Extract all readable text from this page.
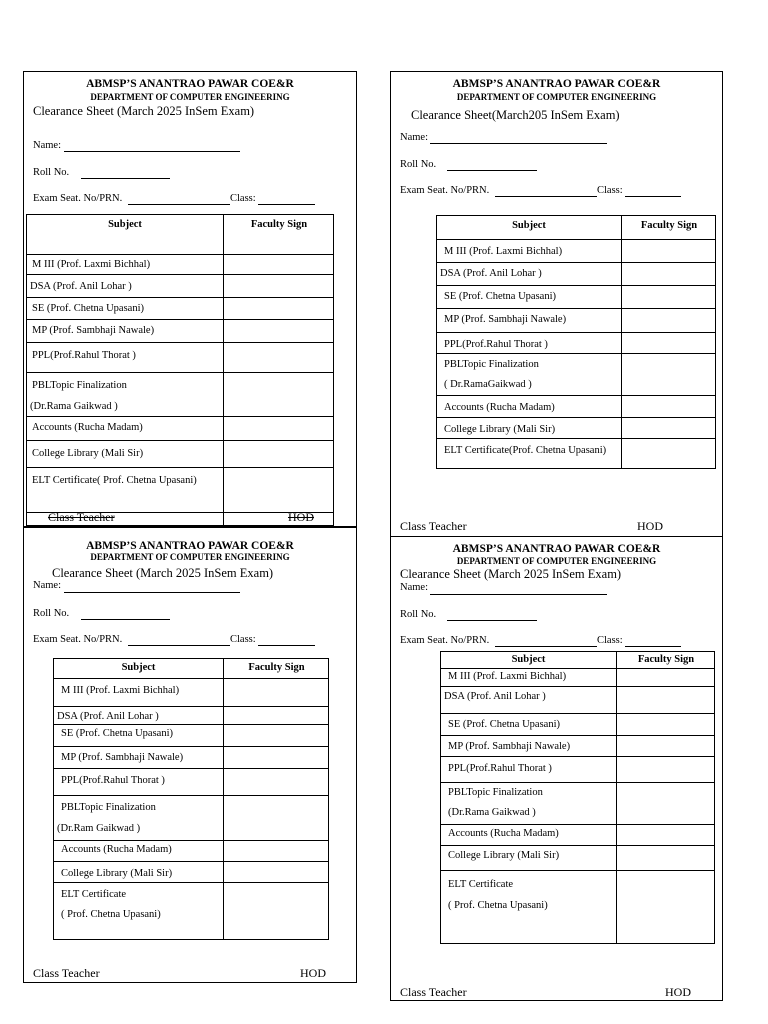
ABMSP’S ANANTRAO PAWAR COE&R
DEPARTMENT OF COMPUTER ENGINEERING
Clearance Sheet (March 2025 InSem Exam)
Name:
Roll No.
Exam Seat. No/PRN.	Class:
Subject	Faculty Sign
M III (Prof. Laxmi Bichhal)
DSA (Prof. Anil Lohar )
SE (Prof. Chetna Upasani)
MP (Prof. Sambhaji Nawale)
PPL(Prof.Rahul Thorat )
PBLTopic Finalization
(Dr.Rama Gaikwad )
Accounts (Rucha Madam)
College Library (Mali Sir)
ELT Certificate( Prof. Chetna Upasani)
Class Teacher	HOD
ABMSP’S ANANTRAO PAWAR COE&R
DEPARTMENT OF COMPUTER ENGINEERING
Clearance Sheet(March205 InSem Exam)
Name:
Roll No.
Exam Seat. No/PRN.	Class:
Subject	Faculty Sign
M III (Prof. Laxmi Bichhal)
DSA (Prof. Anil Lohar )
SE (Prof. Chetna Upasani)
MP (Prof. Sambhaji Nawale)
PPL(Prof.Rahul Thorat )
PBLTopic Finalization
( Dr.RamaGaikwad )
Accounts (Rucha Madam)
College Library (Mali Sir)
ELT Certificate(Prof. Chetna Upasani)
Class Teacher	HOD
ABMSP’S ANANTRAO PAWAR COE&R
DEPARTMENT OF COMPUTER ENGINEERING
Clearance Sheet (March 2025 InSem Exam)
Name:
Roll No.
Exam Seat. No/PRN.	Class:
Subject	Faculty Sign
M III (Prof. Laxmi Bichhal)
DSA (Prof. Anil Lohar )
SE (Prof. Chetna Upasani)
MP (Prof. Sambhaji Nawale)
PPL(Prof.Rahul Thorat )
PBLTopic Finalization
(Dr.Ram Gaikwad )
Accounts (Rucha Madam)
College Library (Mali Sir)
ELT Certificate
( Prof. Chetna Upasani)
Class Teacher	HOD
ABMSP’S ANANTRAO PAWAR COE&R
DEPARTMENT OF COMPUTER ENGINEERING
Clearance Sheet (March 2025 InSem Exam)
Name:
Roll No.
Exam Seat. No/PRN.	Class:
Subject	Faculty Sign
M III (Prof. Laxmi Bichhal)
DSA (Prof. Anil Lohar )
SE (Prof. Chetna Upasani)
MP (Prof. Sambhaji Nawale)
PPL(Prof.Rahul Thorat )
PBLTopic Finalization
(Dr.Rama Gaikwad )
Accounts (Rucha Madam)
College Library (Mali Sir)
ELT Certificate
( Prof. Chetna Upasani)
Class Teacher	HOD
